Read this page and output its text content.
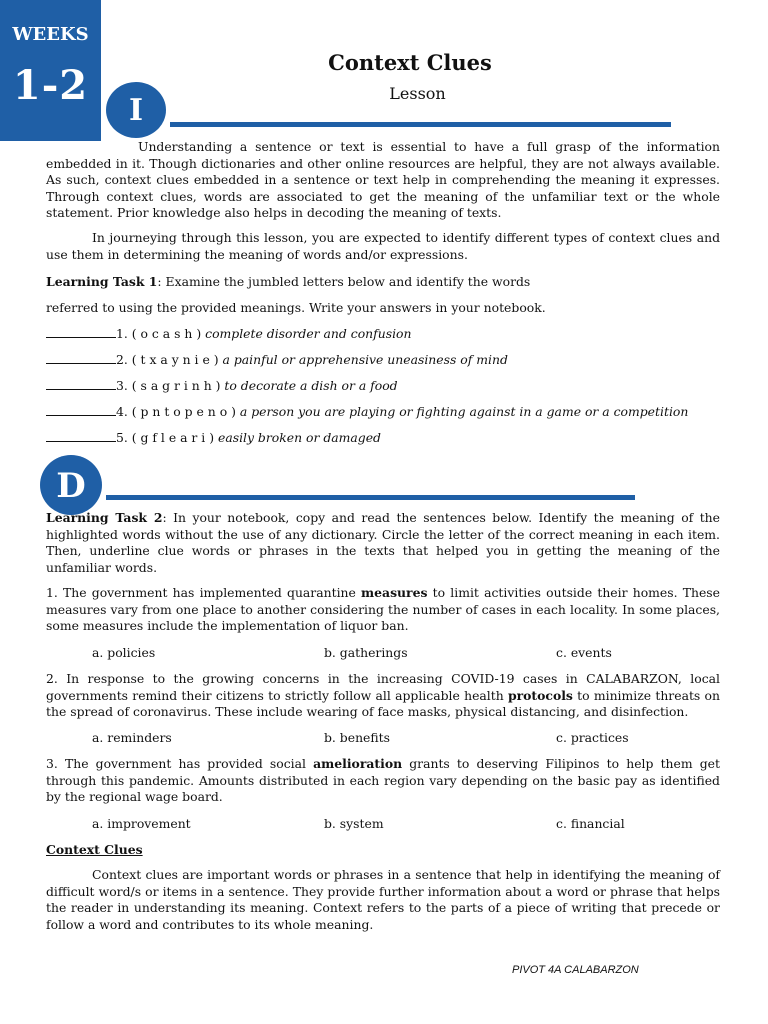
WEEKS
1-2	Context Clues
Lesson
I
Understanding a sentence or text is essential to have a full grasp of the information embedded in it. Though dictionaries and other online resources are helpful, they are not always available. As such, context clues embedded in a sentence or text help in comprehending the meaning it expresses. Through context clues, words are associated to get the meaning of the unfamiliar text or the whole statement. Prior knowledge also helps in decoding the meaning of texts.
In journeying through this lesson, you are expected to identify different types of context clues and use them in determining the meaning of words and/or expressions.
Learning Task 1: Examine the jumbled letters below and identify the words
referred to using the provided meanings. Write your answers in your notebook.
1. ( o c a s h ) complete disorder and confusion
2. ( t x a y n i e ) a painful or apprehensive uneasiness of mind
3. ( s a g r i n h ) to decorate a dish or a food
4. ( p n t o p e n o ) a person you are playing or fighting against in a game or a competition
5. ( g f l e a r i ) easily broken or damaged
D
Learning Task 2: In your notebook, copy and read the sentences below. Identify the meaning of the highlighted words without the use of any dictionary. Circle the letter of the correct meaning in each item. Then, underline clue words or phrases in the texts that helped you in getting the meaning of the unfamiliar words.
1. The government has implemented quarantine measures to limit activities outside their homes. These measures vary from one place to another considering the number of cases in each locality. In some places, some measures include the implementation of liquor ban.
a. policies	b. gatherings	c. events
2. In response to the growing concerns in the increasing COVID-19 cases in CALABARZON, local governments remind their citizens to strictly follow all applicable health protocols to minimize threats on the spread of coronavirus. These include wearing of face masks, physical distancing, and disinfection.
a. reminders	b. benefits	c. practices
3. The government has provided social amelioration grants to deserving Filipinos to help them get through this pandemic. Amounts distributed in each region vary depending on the basic pay as identified by the regional wage board.
a. improvement	b. system	c. financial
Context Clues
Context clues are important words or phrases in a sentence that help in identifying the meaning of difficult word/s or items in a sentence. They provide further information about a word or phrase that helps the reader in understanding its meaning. Context refers to the parts of a piece of writing that precede or follow a word and contributes to its whole meaning.
PIVOT 4A CALABARZON
